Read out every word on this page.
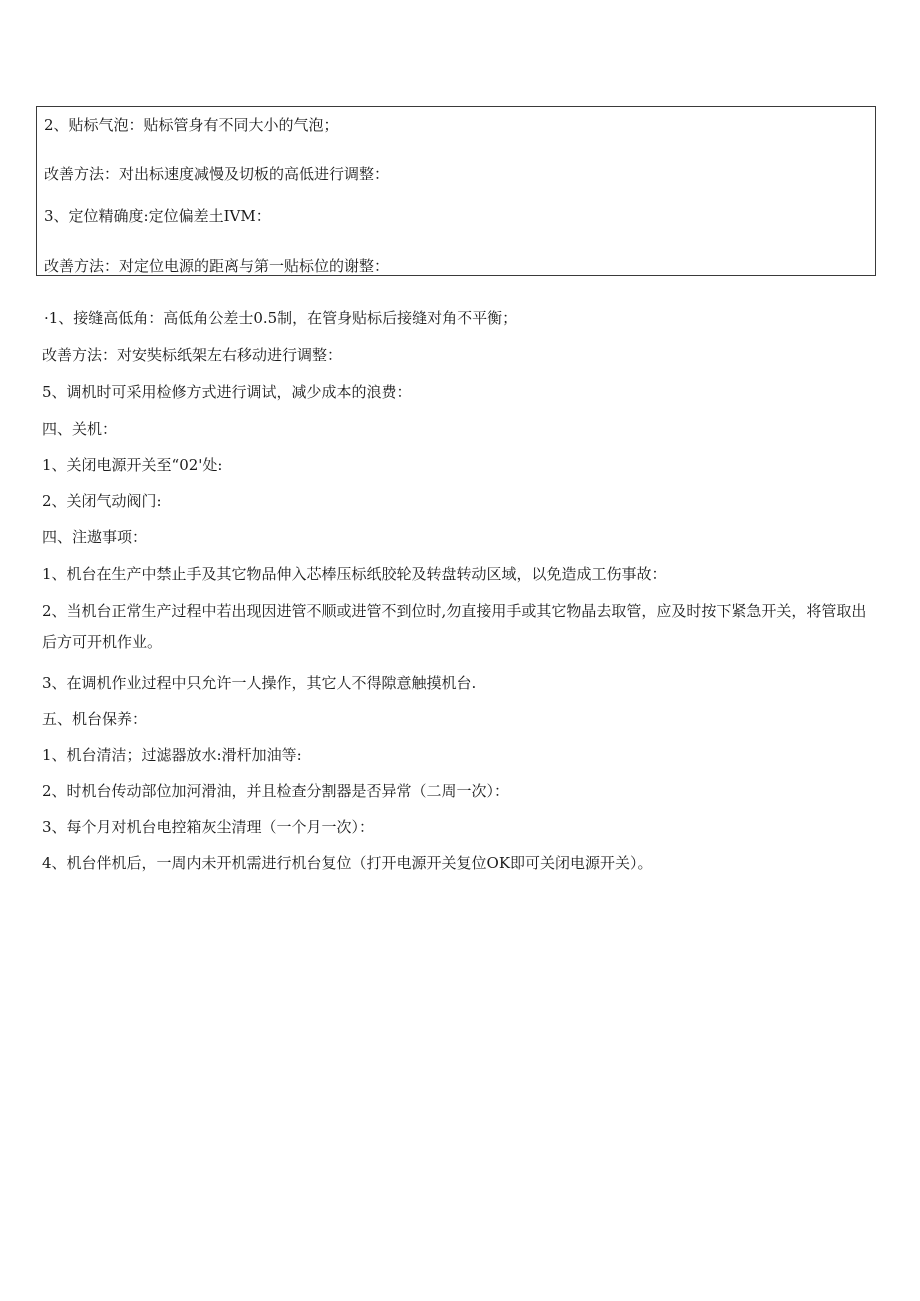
2、贴标气泡：贴标管身有不同大小的气泡；
改善方法：对出标速度减慢及切板的高低进行调整：
3、定位精确度:定位偏差土IVM：
改善方法：对定位电源的距离与第一贴标位的谢整：
·1、接缝高低角：高低角公差士0.5制，在管身贴标后接缝对角不平衡；
改善方法：对安奘标纸架左右移动进行调整：
5、调机时可采用检修方式进行调试，减少成本的浪费：
四、关机：
1、关闭电源开关至“02'处:
2、关闭气动阀门:
四、注遨事项：
1、机台在生产中禁止手及其它物品伸入芯棒压标纸胶轮及转盘转动区域，以免造成工伤事故：
2、当机台正常生产过程中若出现因进管不顺或进管不到位时,勿直接用手或其它物晶去取管，应及时按下紧急开关，将管取出后方可开机作业。
3、在调机作业过程中只允许一人操作，其它人不得隙意触摸机台.
五、机台保养：
1、机台清洁；过滤器放水:滑杆加油等:
2、时机台传动部位加河滑油，并且检查分割器是否异常（二周一次）：
3、每个月对机台电控箱灰尘清理（一个月一次）：
4、机台伴机后，一周内未开机需进行机台复位（打开电源开关复位OK即可关闭电源开关）。
